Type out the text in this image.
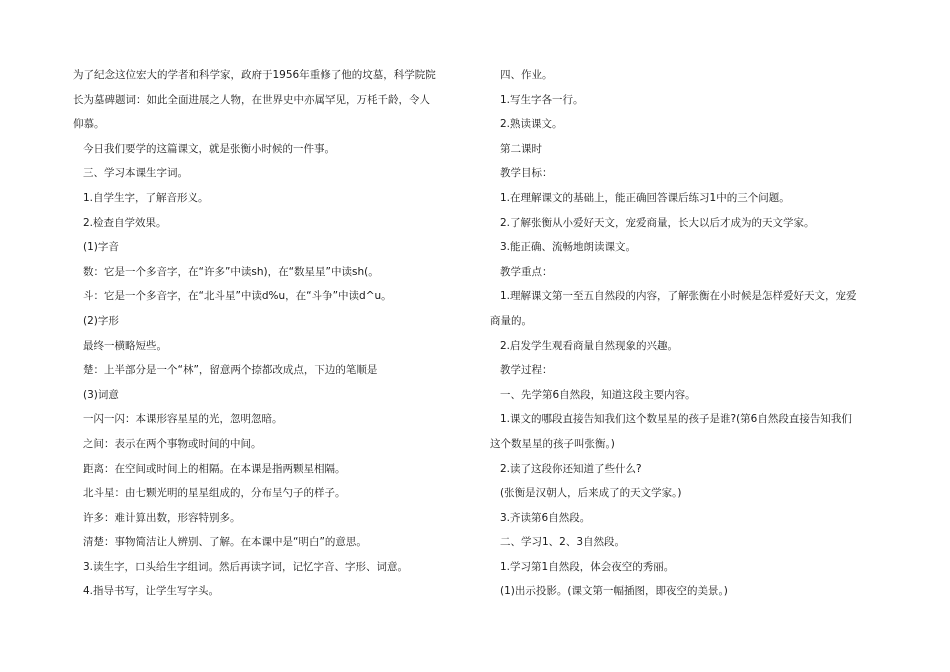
为了纪念这位宏大的学者和科学家，政府于1956年重修了他的坟墓，科学院院

长为墓碑题词：如此全面进展之人物，在世界史中亦属罕见，万枆千龄，令人

仰慕。

今日我们要学的这篇课文，就是张衡小时候的一件事。

三、学习本课生字词。

1.自学生字，了解音形义。

2.检查自学效果。

(1)字音

数：它是一个多音字，在“许多”中读sh)，在“数星星”中读sh(。

斗：它是一个多音字，在“北斗星”中读d%u，在“斗争”中读d^u。

(2)字形

最终一横略短些。

楚：上半部分是一个“林”，留意两个捺都改成点，下边的笔顺是

(3)词意

一闪一闪：本课形容星星的光，忽明忽暗。

之间：表示在两个事物或时间的中间。

距离：在空间或时间上的相隔。在本课是指两颗星相隔。

北斗星：由七颗光明的星星组成的，分布呈勺子的样子。

许多：难计算出数，形容特别多。

清楚：事物简洁让人辨别、了解。在本课中是“明白”的意思。

3.读生字，口头给生字组词。然后再读字词，记忆字音、字形、词意。

4.指导书写，让学生写字头。

四、作业。

1.写生字各一行。

2.熟读课文。

第二课时

教学目标：

1.在理解课文的基础上，能正确回答课后练习1中的三个问题。

2.了解张衡从小爱好天文，宠爱商量，长大以后才成为的天文学家。

3.能正确、流畅地朗读课文。

教学重点：

1.理解课文第一至五自然段的内容，了解张衡在小时候是怎样爱好天文，宠爱

商量的。

2.启发学生观看商量自然现象的兴趣。

教学过程：

一、先学第6自然段，知道这段主要内容。

1.课文的哪段直接告知我们这个数星星的孩子是谁?(第6自然段直接告知我们

这个数星星的孩子叫张衡。)

2.读了这段你还知道了些什么?

(张衡是汉朝人，后来成了的天文学家。)

3.齐读第6自然段。

二、学习1、2、3自然段。

1.学习第1自然段，体会夜空的秀丽。

(1)出示投影。(课文第一幅插图，即夜空的美景。)
